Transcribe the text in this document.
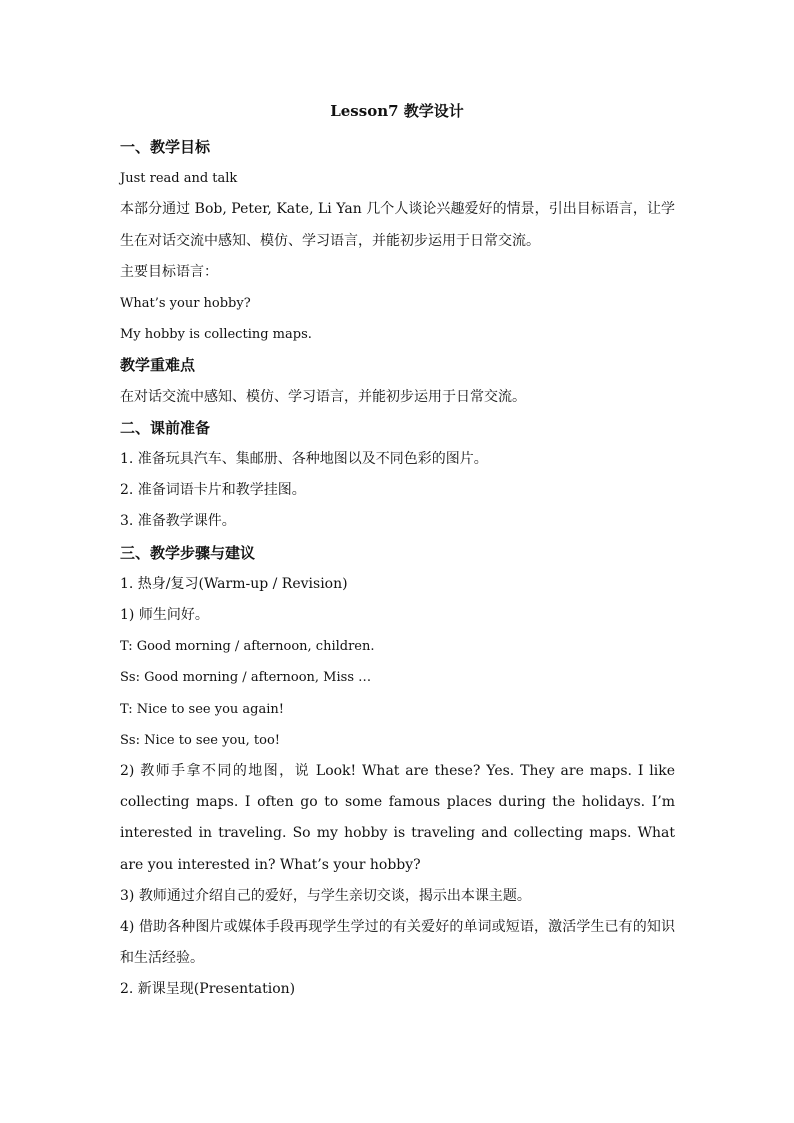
Lesson7 教学设计

一、教学目标

Just read and talk

本部分通过 Bob, Peter, Kate, Li Yan 几个人谈论兴趣爱好的情景，引出目标语言，让学生在对话交流中感知、模仿、学习语言，并能初步运用于日常交流。

主要目标语言：

What’s your hobby?

My hobby is collecting maps.

教学重难点

在对话交流中感知、模仿、学习语言，并能初步运用于日常交流。

二、课前准备

1. 准备玩具汽车、集邮册、各种地图以及不同色彩的图片。

2. 准备词语卡片和教学挂图。

3. 准备教学课件。

三、教学步骤与建议

1. 热身/复习(Warm-up / Revision)

1) 师生问好。

T: Good morning / afternoon, children.

Ss: Good morning / afternoon, Miss …

T: Nice to see you again!

Ss: Nice to see you, too!

2) 教师手拿不同的地图，说 Look! What are these? Yes. They are maps. I like collecting maps. I often go to some famous places during the holidays. I’m interested in traveling. So my hobby is traveling and collecting maps. What are you interested in? What’s your hobby?

3) 教师通过介绍自己的爱好，与学生亲切交谈，揭示出本课主题。

4) 借助各种图片或媒体手段再现学生学过的有关爱好的单词或短语，激活学生已有的知识和生活经验。

2. 新课呈现(Presentation)
